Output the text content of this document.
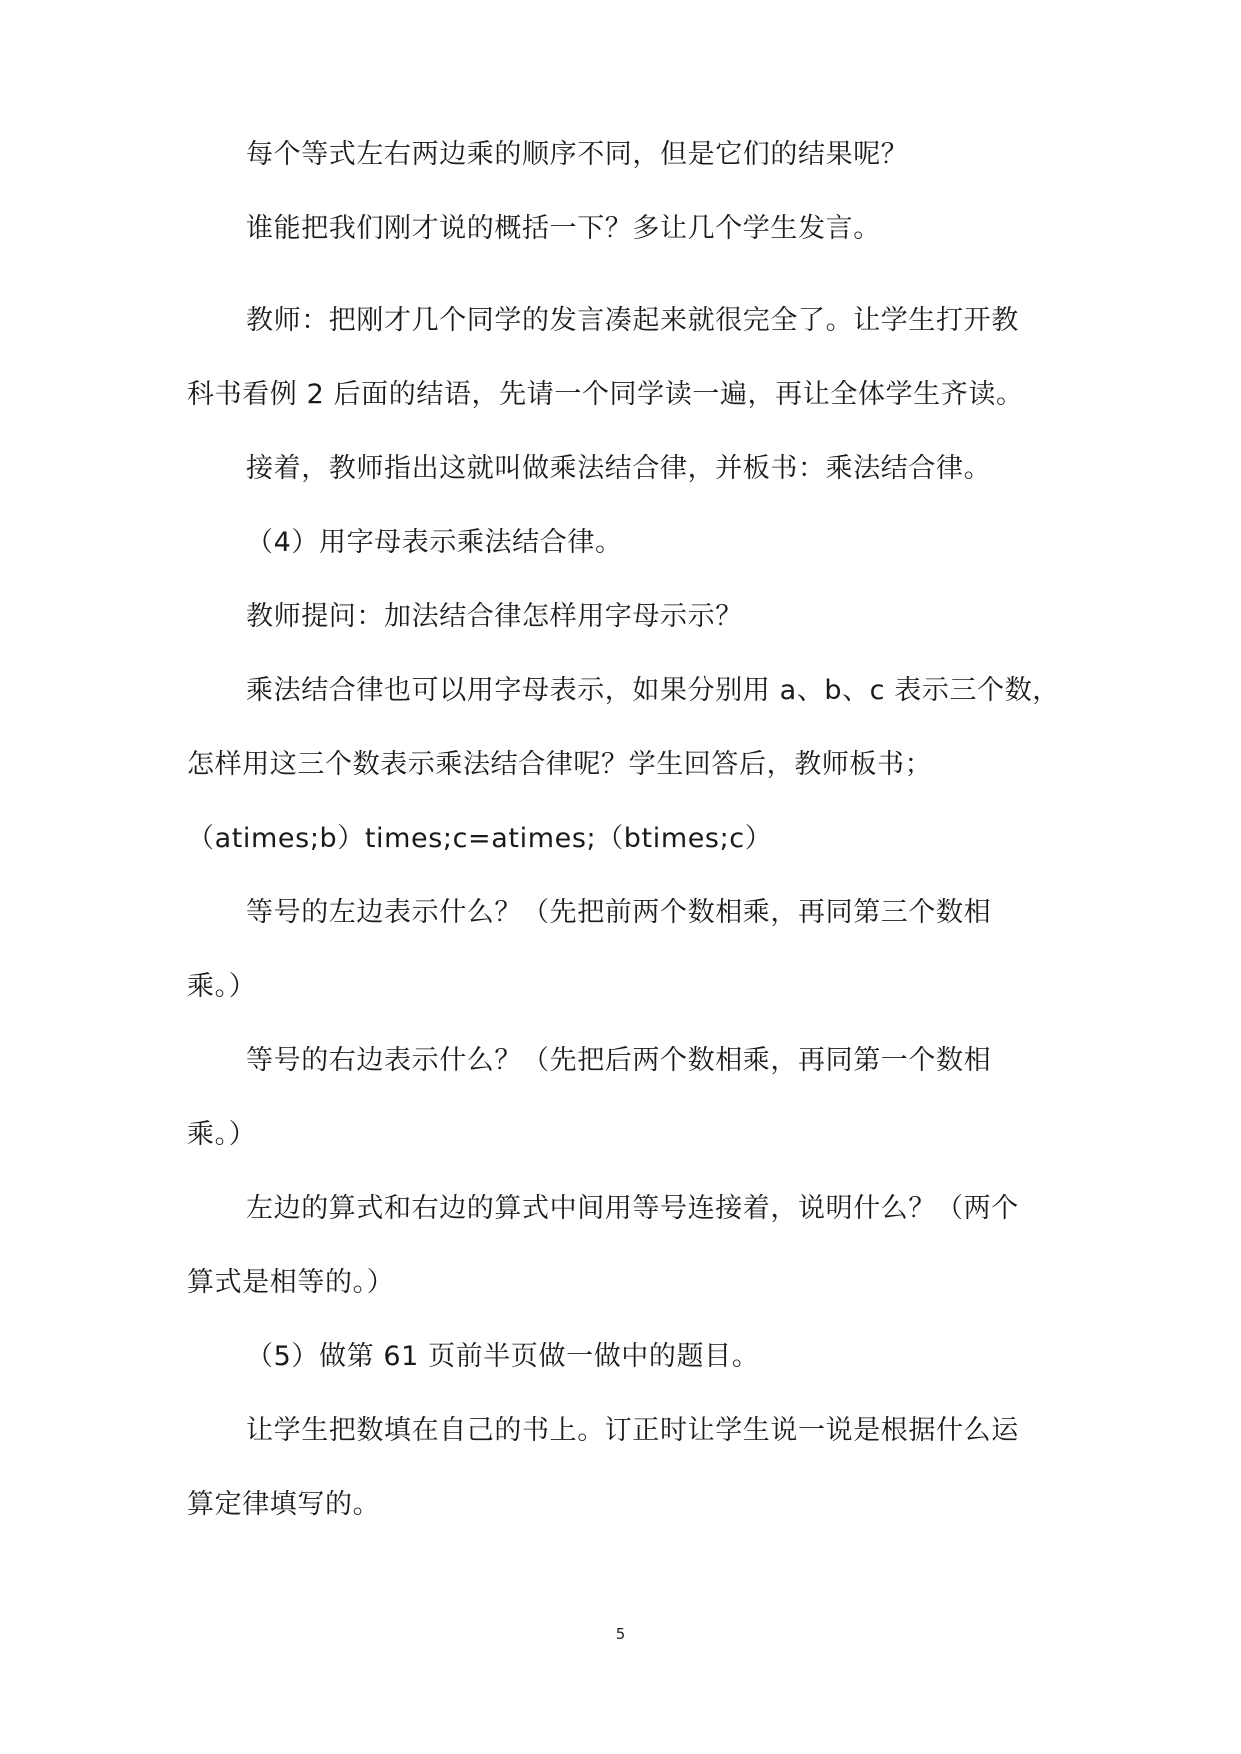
每个等式左右两边乘的顺序不同，但是它们的结果呢？
谁能把我们刚才说的概括一下？多让几个学生发言。
教师：把刚才几个同学的发言凑起来就很完全了。让学生打开教
科书看例 2 后面的结语，先请一个同学读一遍，再让全体学生齐读。
接着，教师指出这就叫做乘法结合律，并板书：乘法结合律。
（4）用字母表示乘法结合律。
教师提问：加法结合律怎样用字母示示？
乘法结合律也可以用字母表示，如果分别用 a、b、c 表示三个数，
怎样用这三个数表示乘法结合律呢？学生回答后，教师板书；
（atimes;b）times;c=atimes;（btimes;c）
等号的左边表示什么？（先把前两个数相乘，再同第三个数相
乘。）
等号的右边表示什么？（先把后两个数相乘，再同第一个数相
乘。）
左边的算式和右边的算式中间用等号连接着，说明什么？（两个
算式是相等的。）
（5）做第 61 页前半页做一做中的题目。
让学生把数填在自己的书上。订正时让学生说一说是根据什么运
算定律填写的。
5
